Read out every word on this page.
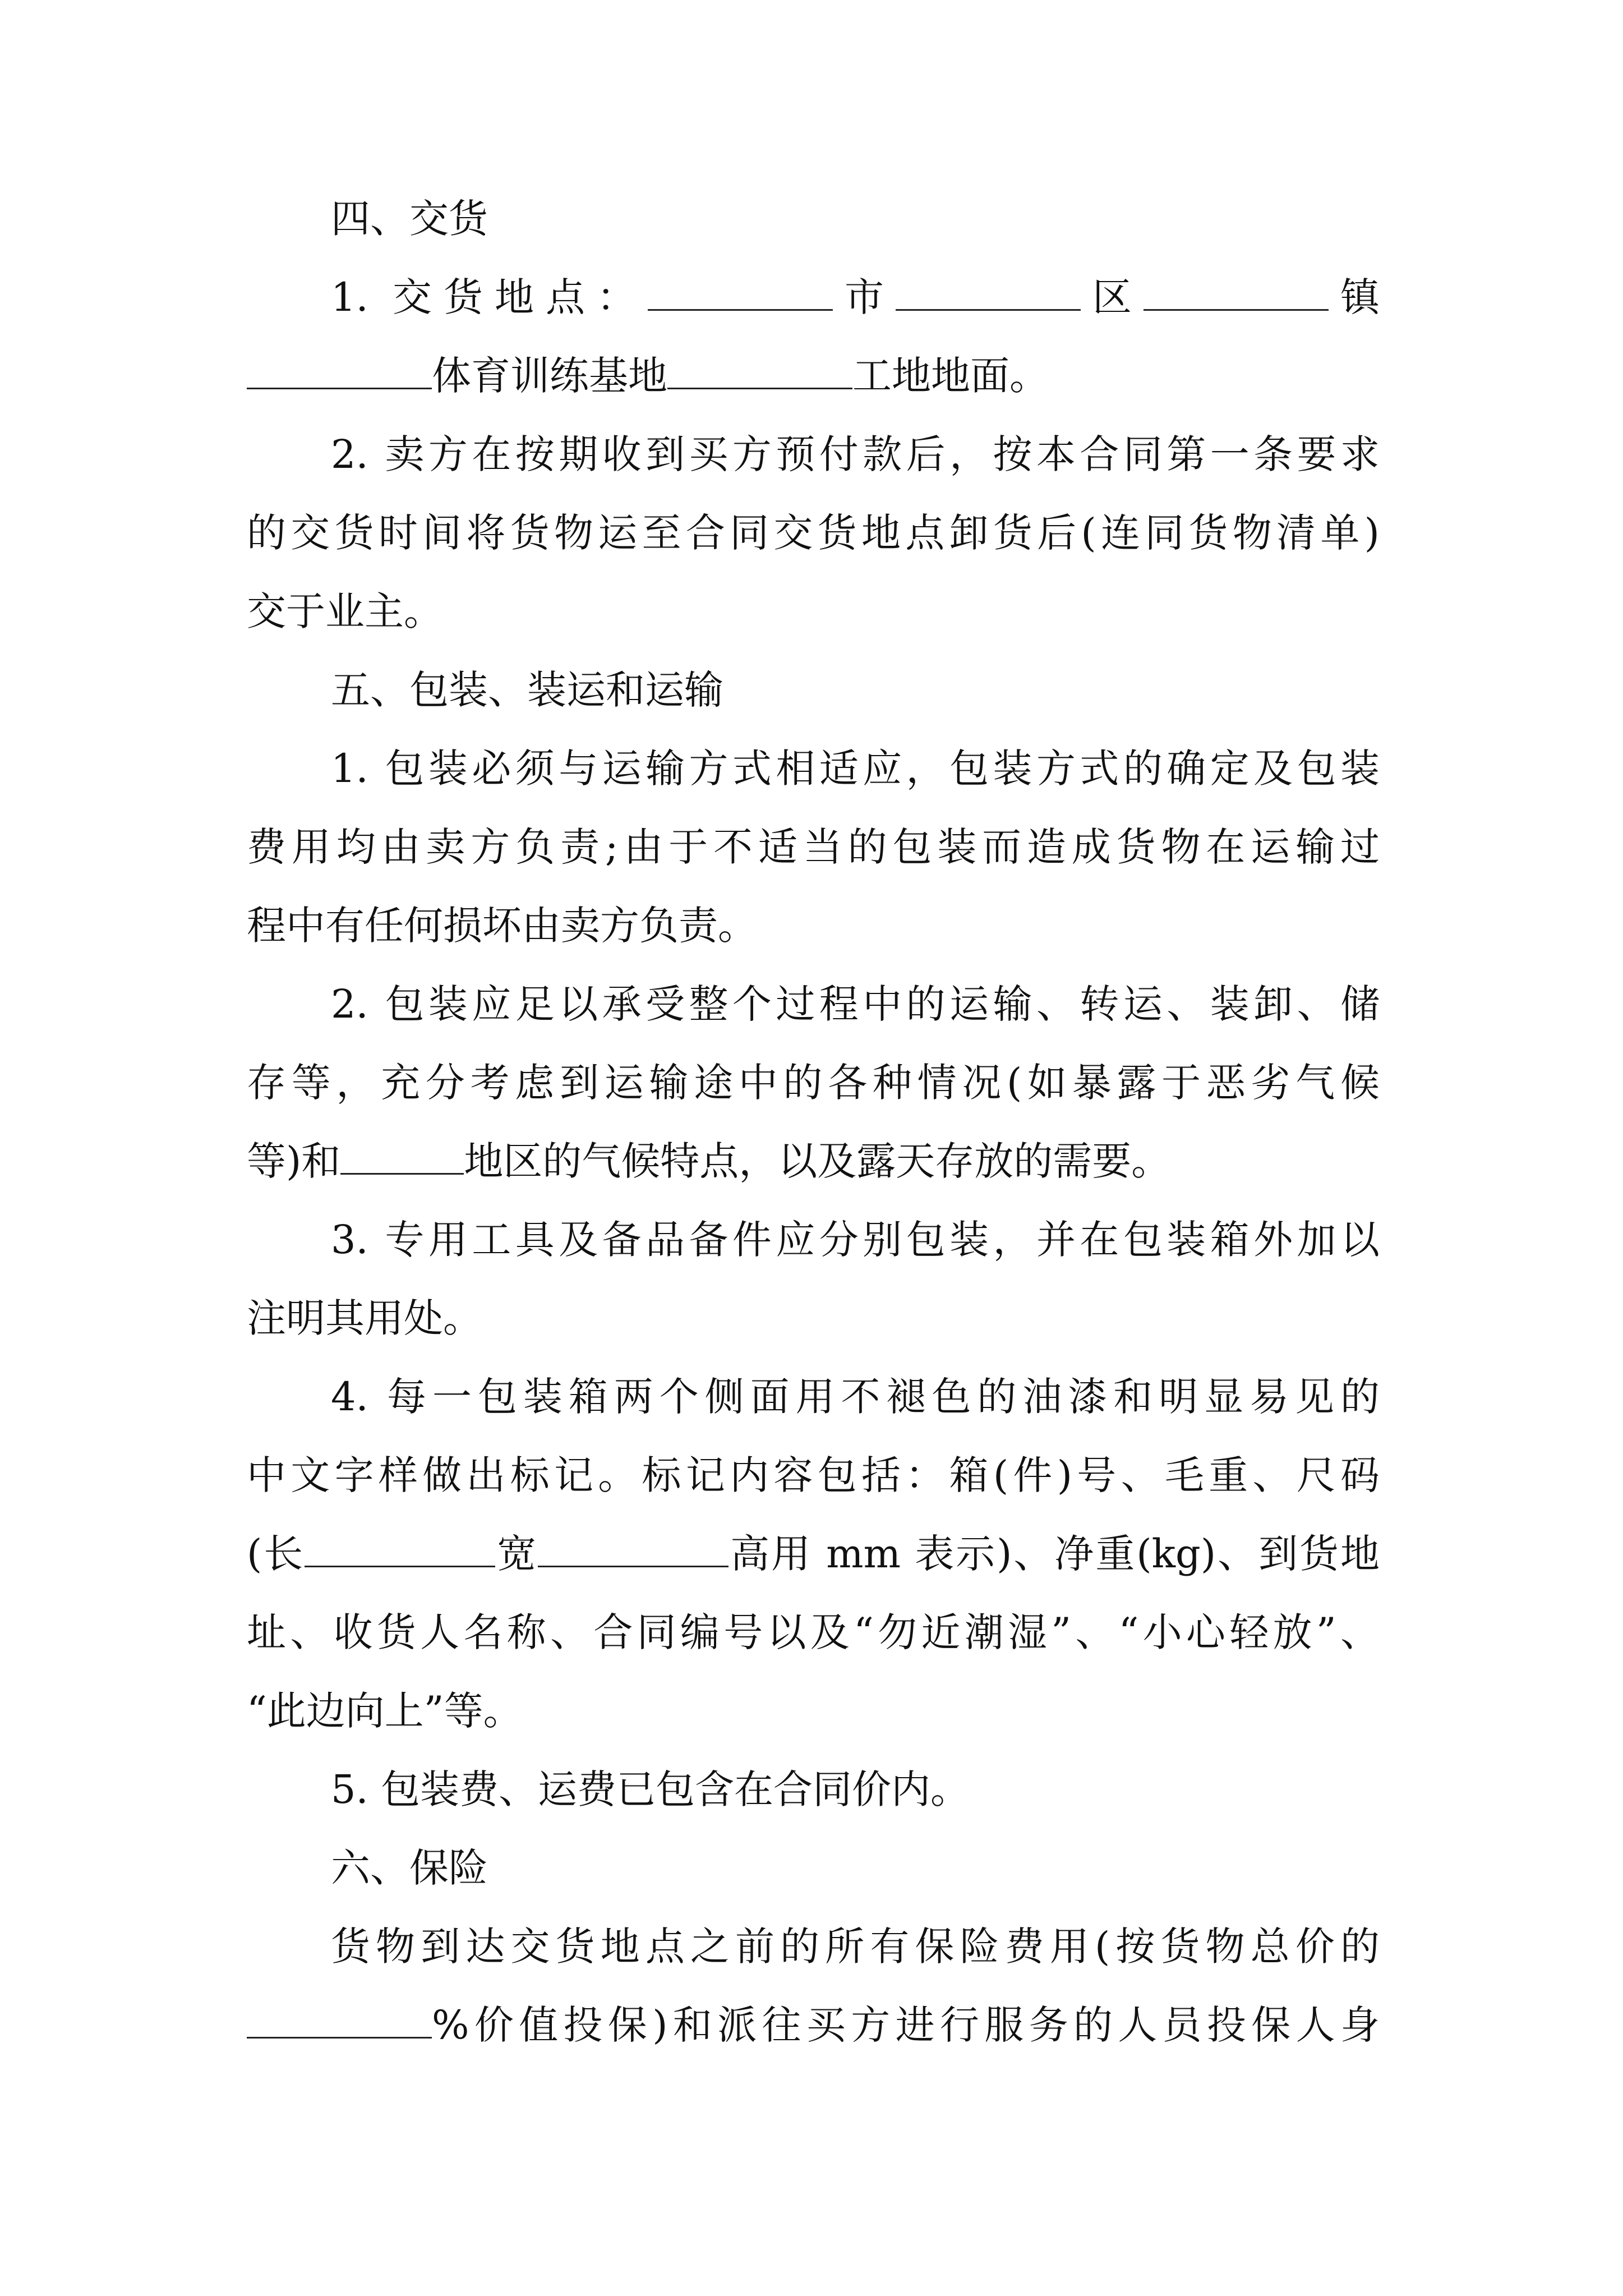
四、交货
1. 交货地点：	市	区	镇
体育训练基地	工地地面。
2. 卖方在按期收到买方预付款后，按本合同第一条要求
的交货时间将货物运至合同交货地点卸货后(连同货物清单)
交于业主。
五、包装、装运和运输
1. 包装必须与运输方式相适应，包装方式的确定及包装
费用均由卖方负责;由于不适当的包装而造成货物在运输过
程中有任何损坏由卖方负责。
2. 包装应足以承受整个过程中的运输、转运、装卸、储
存等，充分考虑到运输途中的各种情况(如暴露于恶劣气候
等)和	地区的气候特点，以及露天存放的需要。
3. 专用工具及备品备件应分别包装，并在包装箱外加以
注明其用处。
4. 每一包装箱两个侧面用不褪色的油漆和明显易见的
中文字样做出标记。标记内容包括：箱(件)号、毛重、尺码
(长	宽	高用 mm 表示)、净重(kg)、到货地
址、收货人名称、合同编号以及“勿近潮湿”、“小心轻放”、
“此边向上”等。
5. 包装费、运费已包含在合同价内。
六、保险
货物到达交货地点之前的所有保险费用(按货物总价的
%价值投保)和派往买方进行服务的人员投保人身
